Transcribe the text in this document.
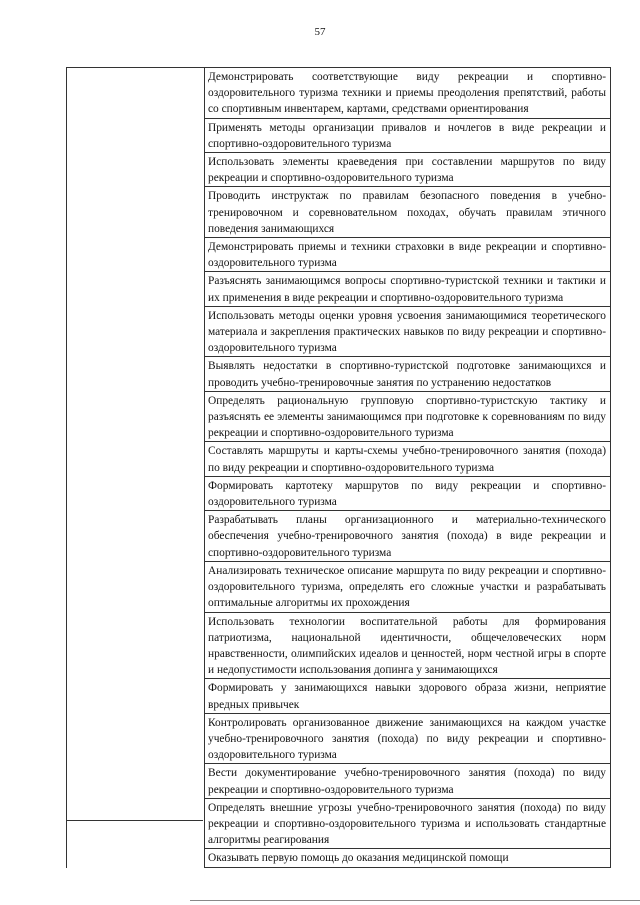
57
Демонстрировать соответствующие виду рекреации и спортивно-оздоровительного туризма техники и приемы преодоления препятствий, работы со спортивным инвентарем, картами, средствами ориентирования
Применять методы организации привалов и ночлегов в виде рекреации и спортивно-оздоровительного туризма
Использовать элементы краеведения при составлении маршрутов по виду рекреации и спортивно-оздоровительного туризма
Проводить инструктаж по правилам безопасного поведения в учебно-тренировочном и соревновательном походах, обучать правилам этичного поведения занимающихся
Демонстрировать приемы и техники страховки в виде рекреации и спортивно-оздоровительного туризма
Разъяснять занимающимся вопросы спортивно-туристской техники и тактики и их применения в виде рекреации и спортивно-оздоровительного туризма
Использовать методы оценки уровня усвоения занимающимися теоретического материала и закрепления практических навыков по виду рекреации и спортивно-оздоровительного туризма
Выявлять недостатки в спортивно-туристской подготовке занимающихся и проводить учебно-тренировочные занятия по устранению недостатков
Определять рациональную групповую спортивно-туристскую тактику и разъяснять ее элементы занимающимся при подготовке к соревнованиям по виду рекреации и спортивно-оздоровительного туризма
Составлять маршруты и карты-схемы учебно-тренировочного занятия (похода) по виду рекреации и спортивно-оздоровительного туризма
Формировать картотеку маршрутов по виду рекреации и спортивно-оздоровительного туризма
Разрабатывать планы организационного и материально-технического обеспечения учебно-тренировочного занятия (похода) в виде рекреации и спортивно-оздоровительного туризма
Анализировать техническое описание маршрута по виду рекреации и спортивно-оздоровительного туризма, определять его сложные участки и разрабатывать оптимальные алгоритмы их прохождения
Использовать технологии воспитательной работы для формирования патриотизма, национальной идентичности, общечеловеческих норм нравственности, олимпийских идеалов и ценностей, норм честной игры в спорте и недопустимости использования допинга у занимающихся
Формировать у занимающихся навыки здорового образа жизни, неприятие вредных привычек
Контролировать организованное движение занимающихся на каждом участке учебно-тренировочного занятия (похода) по виду рекреации и спортивно-оздоровительного туризма
Вести документирование учебно-тренировочного занятия (похода) по виду рекреации и спортивно-оздоровительного туризма
Определять внешние угрозы учебно-тренировочного занятия (похода) по виду рекреации и спортивно-оздоровительного туризма и использовать стандартные алгоритмы реагирования
Оказывать первую помощь до оказания медицинской помощи
